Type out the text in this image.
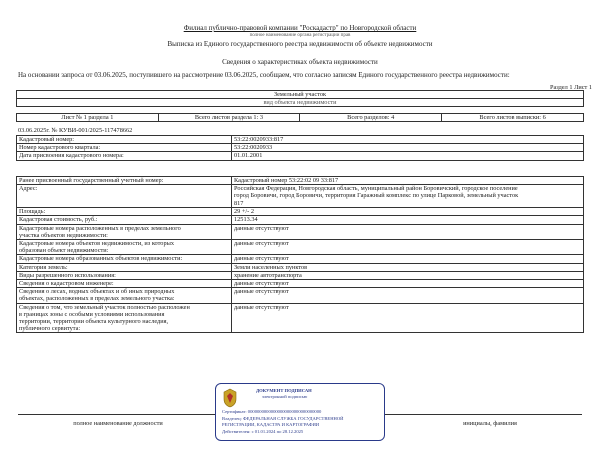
Филиал публично-правовой компании "Роскадастр" по Новгородской области
полное наименование органа регистрации прав
Выписка из Единого государственного реестра недвижимости об объекте недвижимости
Сведения о характеристиках объекта недвижимости
На основании запроса от 03.06.2025, поступившего на рассмотрение 03.06.2025, сообщаем, что согласно записям Единого государственного реестра недвижимости:
Раздел 1 Лист 1
Земельный участок
вид объекта недвижимости
Лист № 1 раздела 1	Всего листов раздела 1: 3	Всего разделов: 4	Всего листов выписки: 6
03.06.2025г. № КУВИ-001/2025-117478662
Кадастровый номер:	53:22:0020933:817
Номер кадастрового квартала:	53:22:0020933
Дата присвоения кадастрового номера:	01.01.2001
Ранее присвоенный государственный учетный номер:	Кадастровый номер 53:22:02 09 33:817
Адрес:	Российская Федерация, Новгородская область, муниципальный район Боровичский, городское поселение
город Боровичи, город Боровичи, территория Гаражный комплекс по улице Парковой, земельный участок
817

Площадь:	29 +/- 2
Кадастровая стоимость, руб.:	12513.34

Кадастровые номера расположенных в пределах земельного
участка объектов недвижимости:	данные отсутствуют

Кадастровые номера объектов недвижимости, из которых
образован объект недвижимости:	данные отсутствуют
Кадастровые номера образованных объектов недвижимости:	данные отсутствуют
Категория земель:	Земли населенных пунктов
Виды разрешенного использования:	хранение автотранспорта
Сведения о кадастровом инженере:	данные отсутствуют

Сведения о лесах, водных объектах и об иных природных
объектах, расположенных в пределах земельного участка:	данные отсутствуют

Сведения о том, что земельный участок полностью расположен
в границах зоны с особыми условиями использования
территории, территории объекта культурного наследия,
публичного сервитута:	данные отсутствуют
полное наименование должности	инициалы, фамилия
ДОКУМЕНТ ПОДПИСАН
электронной подписью
Сертификат: 00000000000000000000000000000000
Владелец: ФЕДЕРАЛЬНАЯ СЛУЖБА ГОСУДАРСТВЕННОЙ
РЕГИСТРАЦИИ, КАДАСТРА И КАРТОГРАФИИ
Действителен: с 01.01.2024 по 28.12.2025
